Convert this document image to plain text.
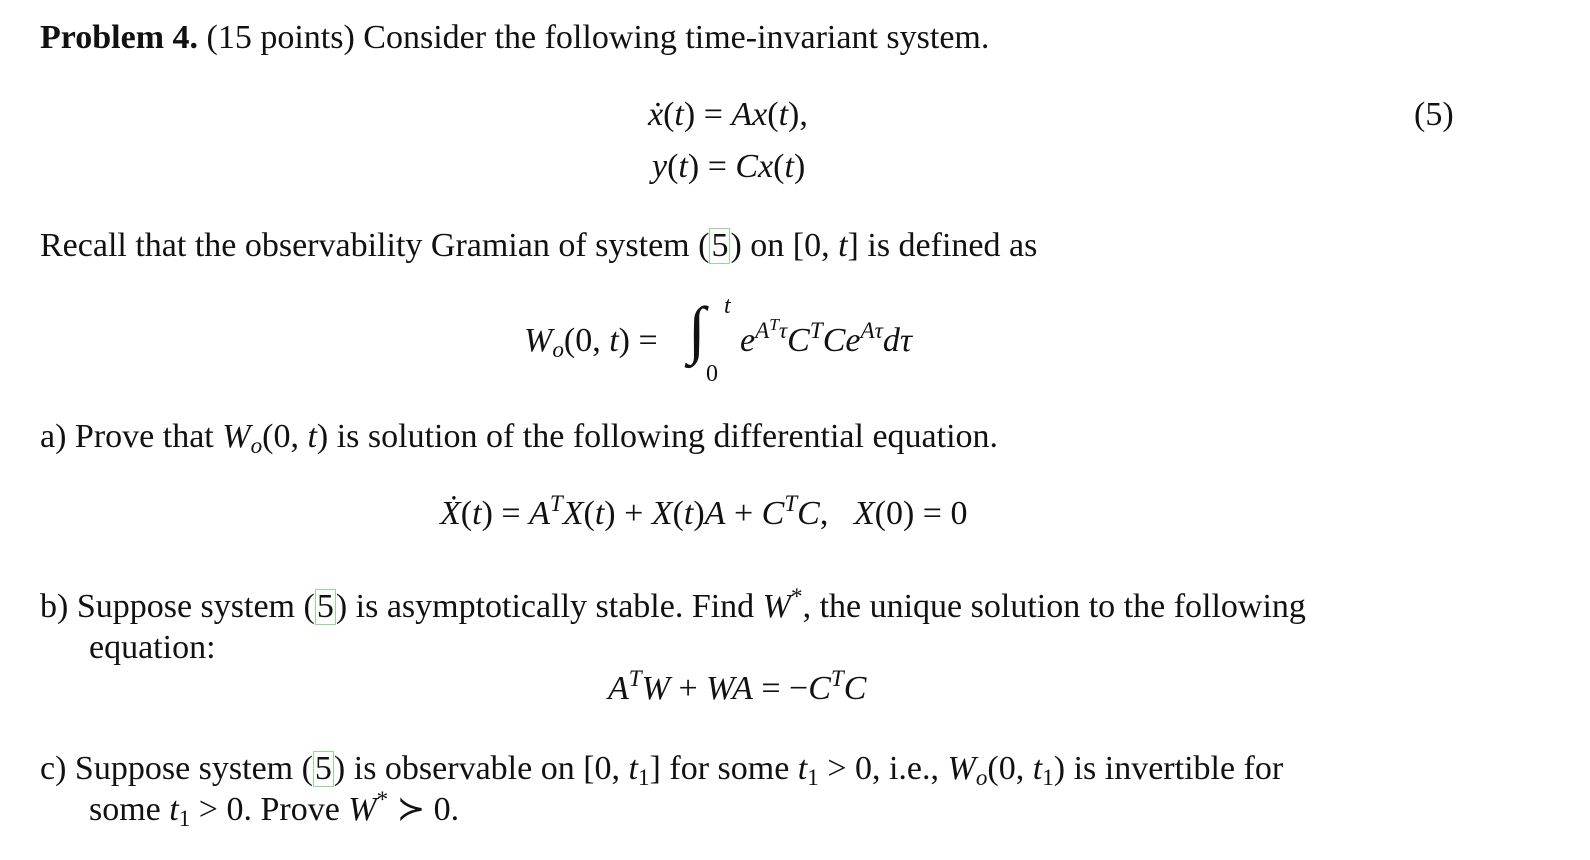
Problem 4. (15 points) Consider the following time-invariant system.
ẋ(t) = Ax(t),
y(t) = Cx(t)
(5)
Recall that the observability Gramian of system (5) on [0, t] is defined as
$W_o(0$, t) = ∫ t
0
$e^{A^T\tau}C^TCe^{A\tau}d\tau$
a) Prove that $W_o(0$, t) is solution of the following differential equation.
Ẋ(t) = $A^TX(t) + X(t)A + C^TC$,   X(0) = 0
b) Suppose system (5) is asymptotically stable. Find W*, the unique solution to the following
equation:
$A^TW$ + WA = $-C^TC$
c) Suppose system (5) is observable on [0, $t_1$] for some $t_1 > 0$, i.e., $W_o(0$, $t_1$) is invertible for
some $t_1 > 0$. Prove W* ≻ 0.
